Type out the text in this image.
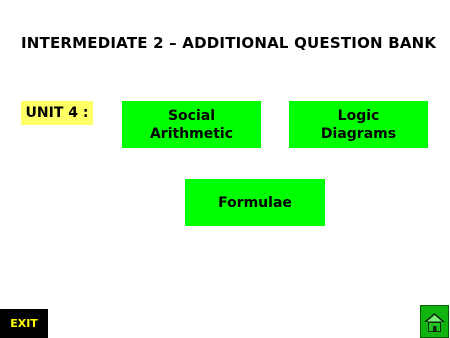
INTERMEDIATE 2 – ADDITIONAL QUESTION BANK
UNIT 4 :	Social
Arithmetic
Logic
Diagrams
Formulae
EXIT
